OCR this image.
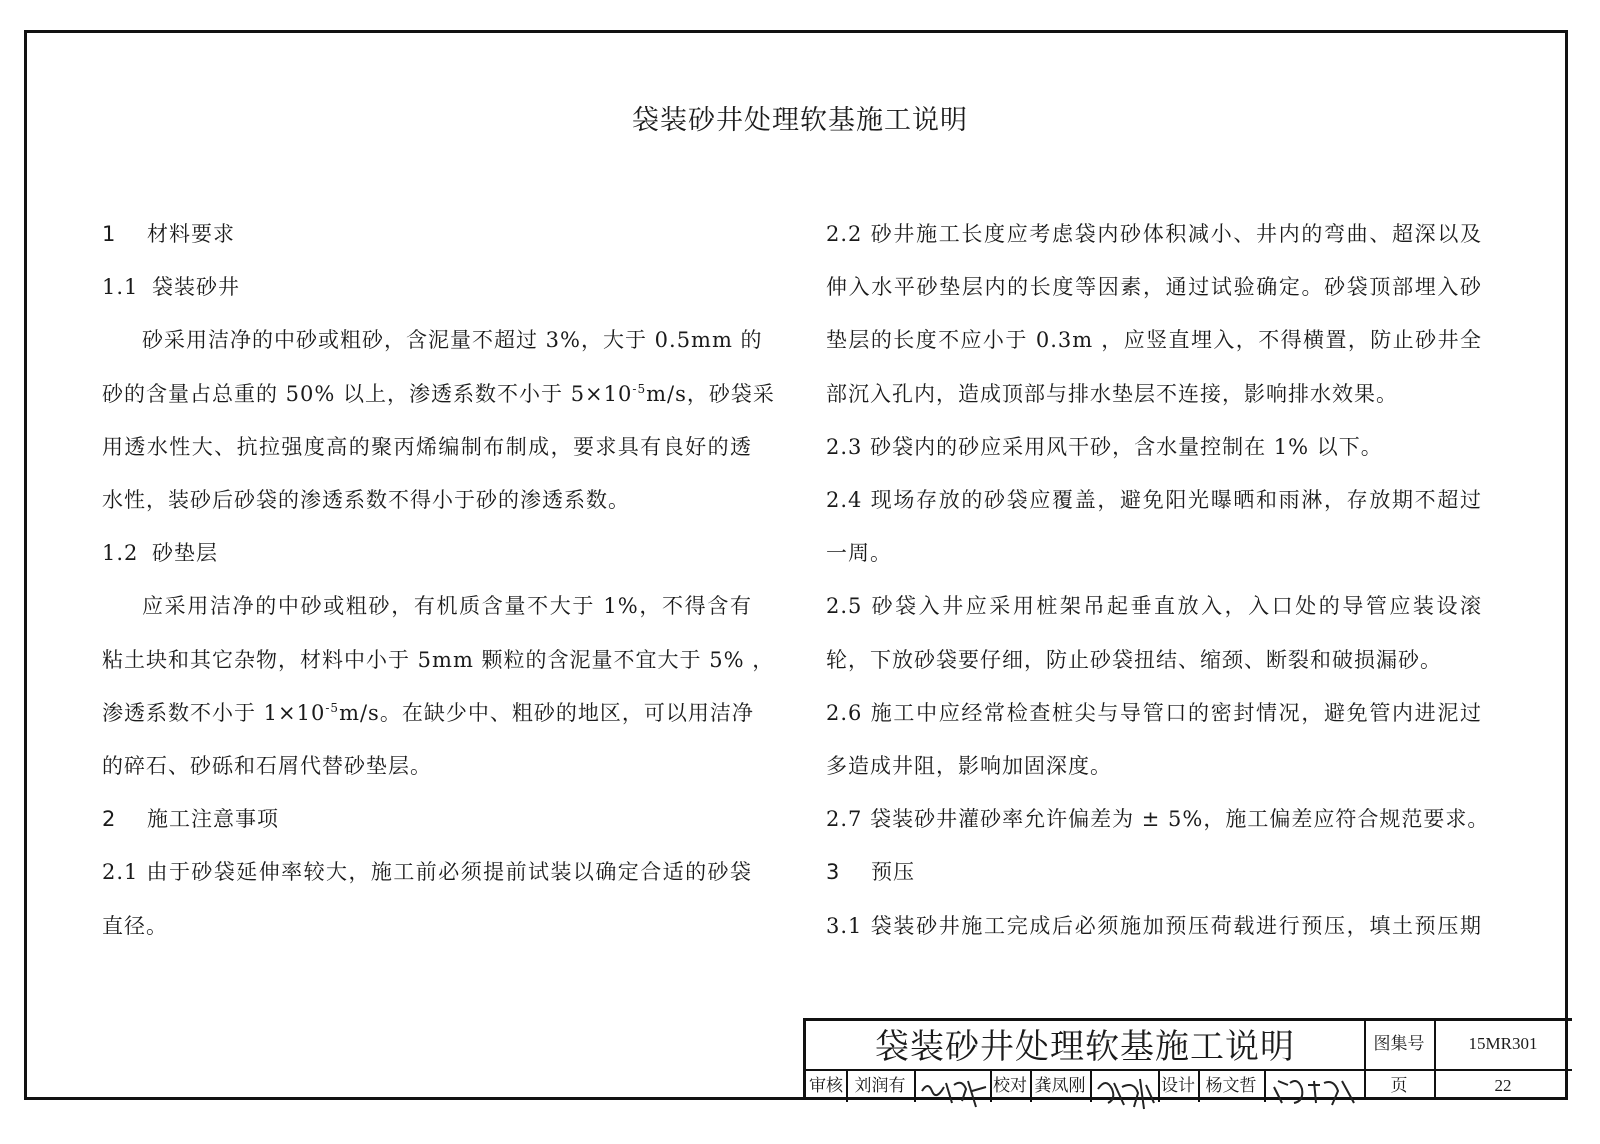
袋装砂井处理软基施工说明
1 材料要求
1.1 袋装砂井
砂采用洁净的中砂或粗砂，含泥量不超过 3%，大于 0.5mm 的
砂的含量占总重的 50% 以上，渗透系数不小于 $5\times 10^{-5}m/s$，砂袋采
用透水性大、抗拉强度高的聚丙烯编制布制成，要求具有良好的透
水性，装砂后砂袋的渗透系数不得小于砂的渗透系数。
1.2 砂垫层
应采用洁净的中砂或粗砂，有机质含量不大于 1%，不得含有
粘土块和其它杂物，材料中小于 5mm 颗粒的含泥量不宜大于 5% ，
渗透系数不小于 $1\times 10^{-5}m/s$。在缺少中、粗砂的地区，可以用洁净
的碎石、砂砾和石屑代替砂垫层。
2 施工注意事项
2.1 由于砂袋延伸率较大，施工前必须提前试装以确定合适的砂袋
直径。
2.2 砂井施工长度应考虑袋内砂体积减小、井内的弯曲、超深以及
伸入水平砂垫层内的长度等因素，通过试验确定。砂袋顶部埋入砂
垫层的长度不应小于 0.3m ，应竖直埋入，不得横置，防止砂井全
部沉入孔内，造成顶部与排水垫层不连接，影响排水效果。
2.3 砂袋内的砂应采用风干砂，含水量控制在 1% 以下。
2.4 现场存放的砂袋应覆盖，避免阳光曝晒和雨淋，存放期不超过
一周。
2.5 砂袋入井应采用桩架吊起垂直放入，入口处的导管应装设滚
轮，下放砂袋要仔细，防止砂袋扭结、缩颈、断裂和破损漏砂。
2.6 施工中应经常检查桩尖与导管口的密封情况，避免管内进泥过
多造成井阻，影响加固深度。
2.7 袋装砂井灌砂率允许偏差为 ± 5%，施工偏差应符合规范要求。
3 预压
3.1 袋装砂井施工完成后必须施加预压荷载进行预压，填土预压期
袋装砂井处理软基施工说明	图集号	15MR301
页	22
审核 刘润有	校对 龚凤刚	设计 杨文哲
